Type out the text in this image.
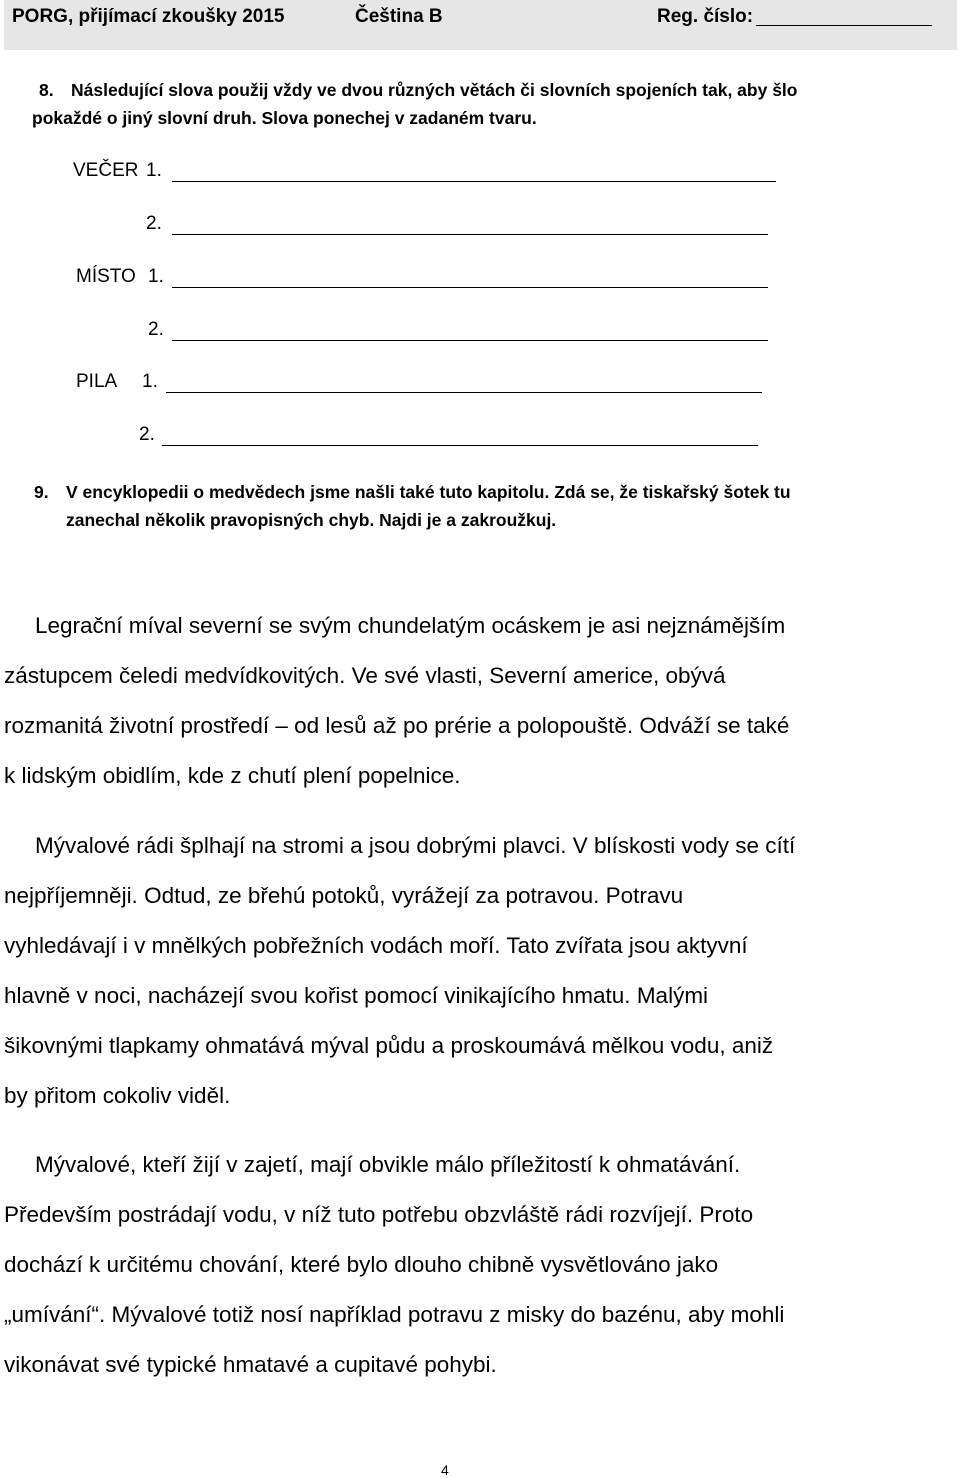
PORG, přijímací zkoušky 2015	Čeština B	Reg. číslo:
8. Následující slova použij vždy ve dvou různých větách či slovních spojeních tak, aby šlo
pokaždé o jiný slovní druh. Slova ponechej v zadaném tvaru.
VEČER 1.
2.
MÍSTO 1.
2.
PILA 1.
2.
9. V encyklopedii o medvědech jsme našli také tuto kapitolu. Zdá se, že tiskařský šotek tu
zanechal několik pravopisných chyb. Najdi je a zakroužkuj.
Legrační míval severní se svým chundelatým ocáskem je asi nejznámějším
zástupcem čeledi medvídkovitých. Ve své vlasti, Severní americe, obývá
rozmanitá životní prostředí – od lesů až po prérie a polopouště. Odváží se také
k lidským obidlím, kde z chutí plení popelnice.
Mývalové rádi šplhají na stromi a jsou dobrými plavci. V blískosti vody se cítí
nejpříjemněji. Odtud, ze břehú potoků, vyrážejí za potravou. Potravu
vyhledávají i v mnělkých pobřežních vodách moří. Tato zvířata jsou aktyvní
hlavně v noci, nacházejí svou kořist pomocí vinikajícího hmatu. Malými
šikovnými tlapkamy ohmatává mýval půdu a proskoumává mělkou vodu, aniž
by přitom cokoliv viděl.
Mývalové, kteří žijí v zajetí, mají obvikle málo příležitostí k ohmatávání.
Především postrádají vodu, v níž tuto potřebu obzvláště rádi rozvíjejí. Proto
dochází k určitému chování, které bylo dlouho chibně vysvětlováno jako
„umívání“. Mývalové totiž nosí například potravu z misky do bazénu, aby mohli
vikonávat své typické hmatavé a cupitavé pohybi.
4
